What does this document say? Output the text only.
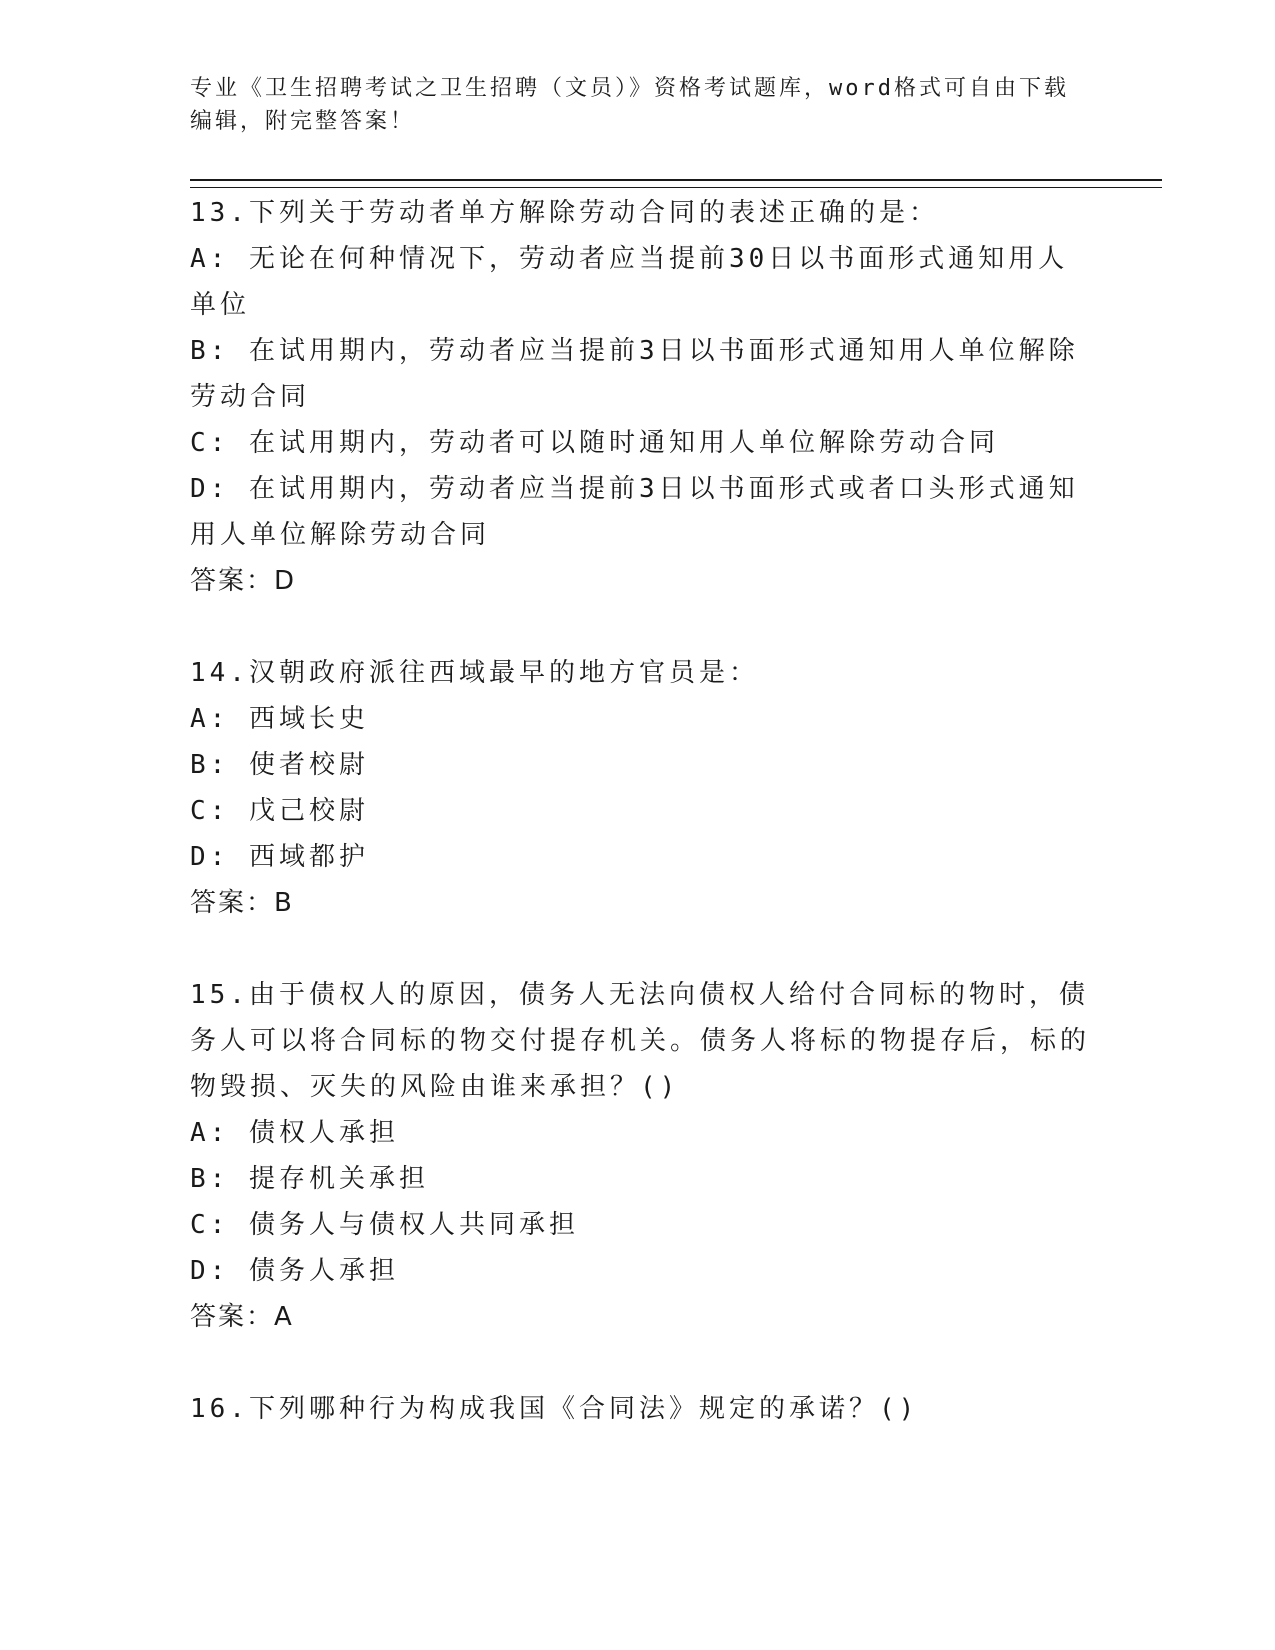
专业《卫生招聘考试之卫生招聘（文员）》资格考试题库，word格式可自由下载编辑，附完整答案！
13.下列关于劳动者单方解除劳动合同的表述正确的是：
A: 无论在何种情况下，劳动者应当提前30日以书面形式通知用人单位
B: 在试用期内，劳动者应当提前3日以书面形式通知用人单位解除劳动合同
C: 在试用期内，劳动者可以随时通知用人单位解除劳动合同
D: 在试用期内，劳动者应当提前3日以书面形式或者口头形式通知用人单位解除劳动合同
答案：D
14.汉朝政府派往西域最早的地方官员是：
A: 西域长史
B: 使者校尉
C: 戊己校尉
D: 西域都护
答案：B
15.由于债权人的原因，债务人无法向债权人给付合同标的物时，债务人可以将合同标的物交付提存机关。债务人将标的物提存后，标的物毁损、灭失的风险由谁来承担？()
A: 债权人承担
B: 提存机关承担
C: 债务人与债权人共同承担
D: 债务人承担
答案：A
16.下列哪种行为构成我国《合同法》规定的承诺？()
